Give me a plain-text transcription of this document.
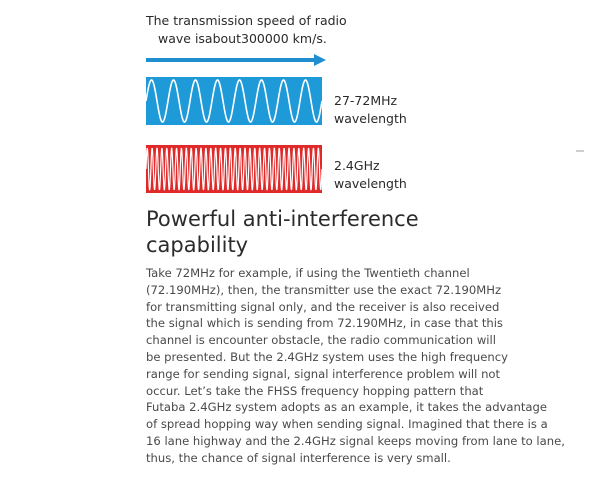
The transmission speed of radio
wave isabout300000 km/s.
27-72MHz
wavelength
2.4GHz
wavelength
Powerful anti-interference
capability

Take 72MHz for example, if using the Twentieth channel
(72.190MHz), then, the transmitter use the exact 72.190MHz
for transmitting signal only, and the receiver is also received
the signal which is sending from 72.190MHz, in case that this
channel is encounter obstacle, the radio communication will
be presented. But the 2.4GHz system uses the high frequency
range for sending signal, signal interference problem will not
occur. Let’s take the FHSS frequency hopping pattern that
Futaba 2.4GHz system adopts as an example, it takes the advantage
of spread hopping way when sending signal. Imagined that there is a
16 lane highway and the 2.4GHz signal keeps moving from lane to lane,
thus, the chance of signal interference is very small.
